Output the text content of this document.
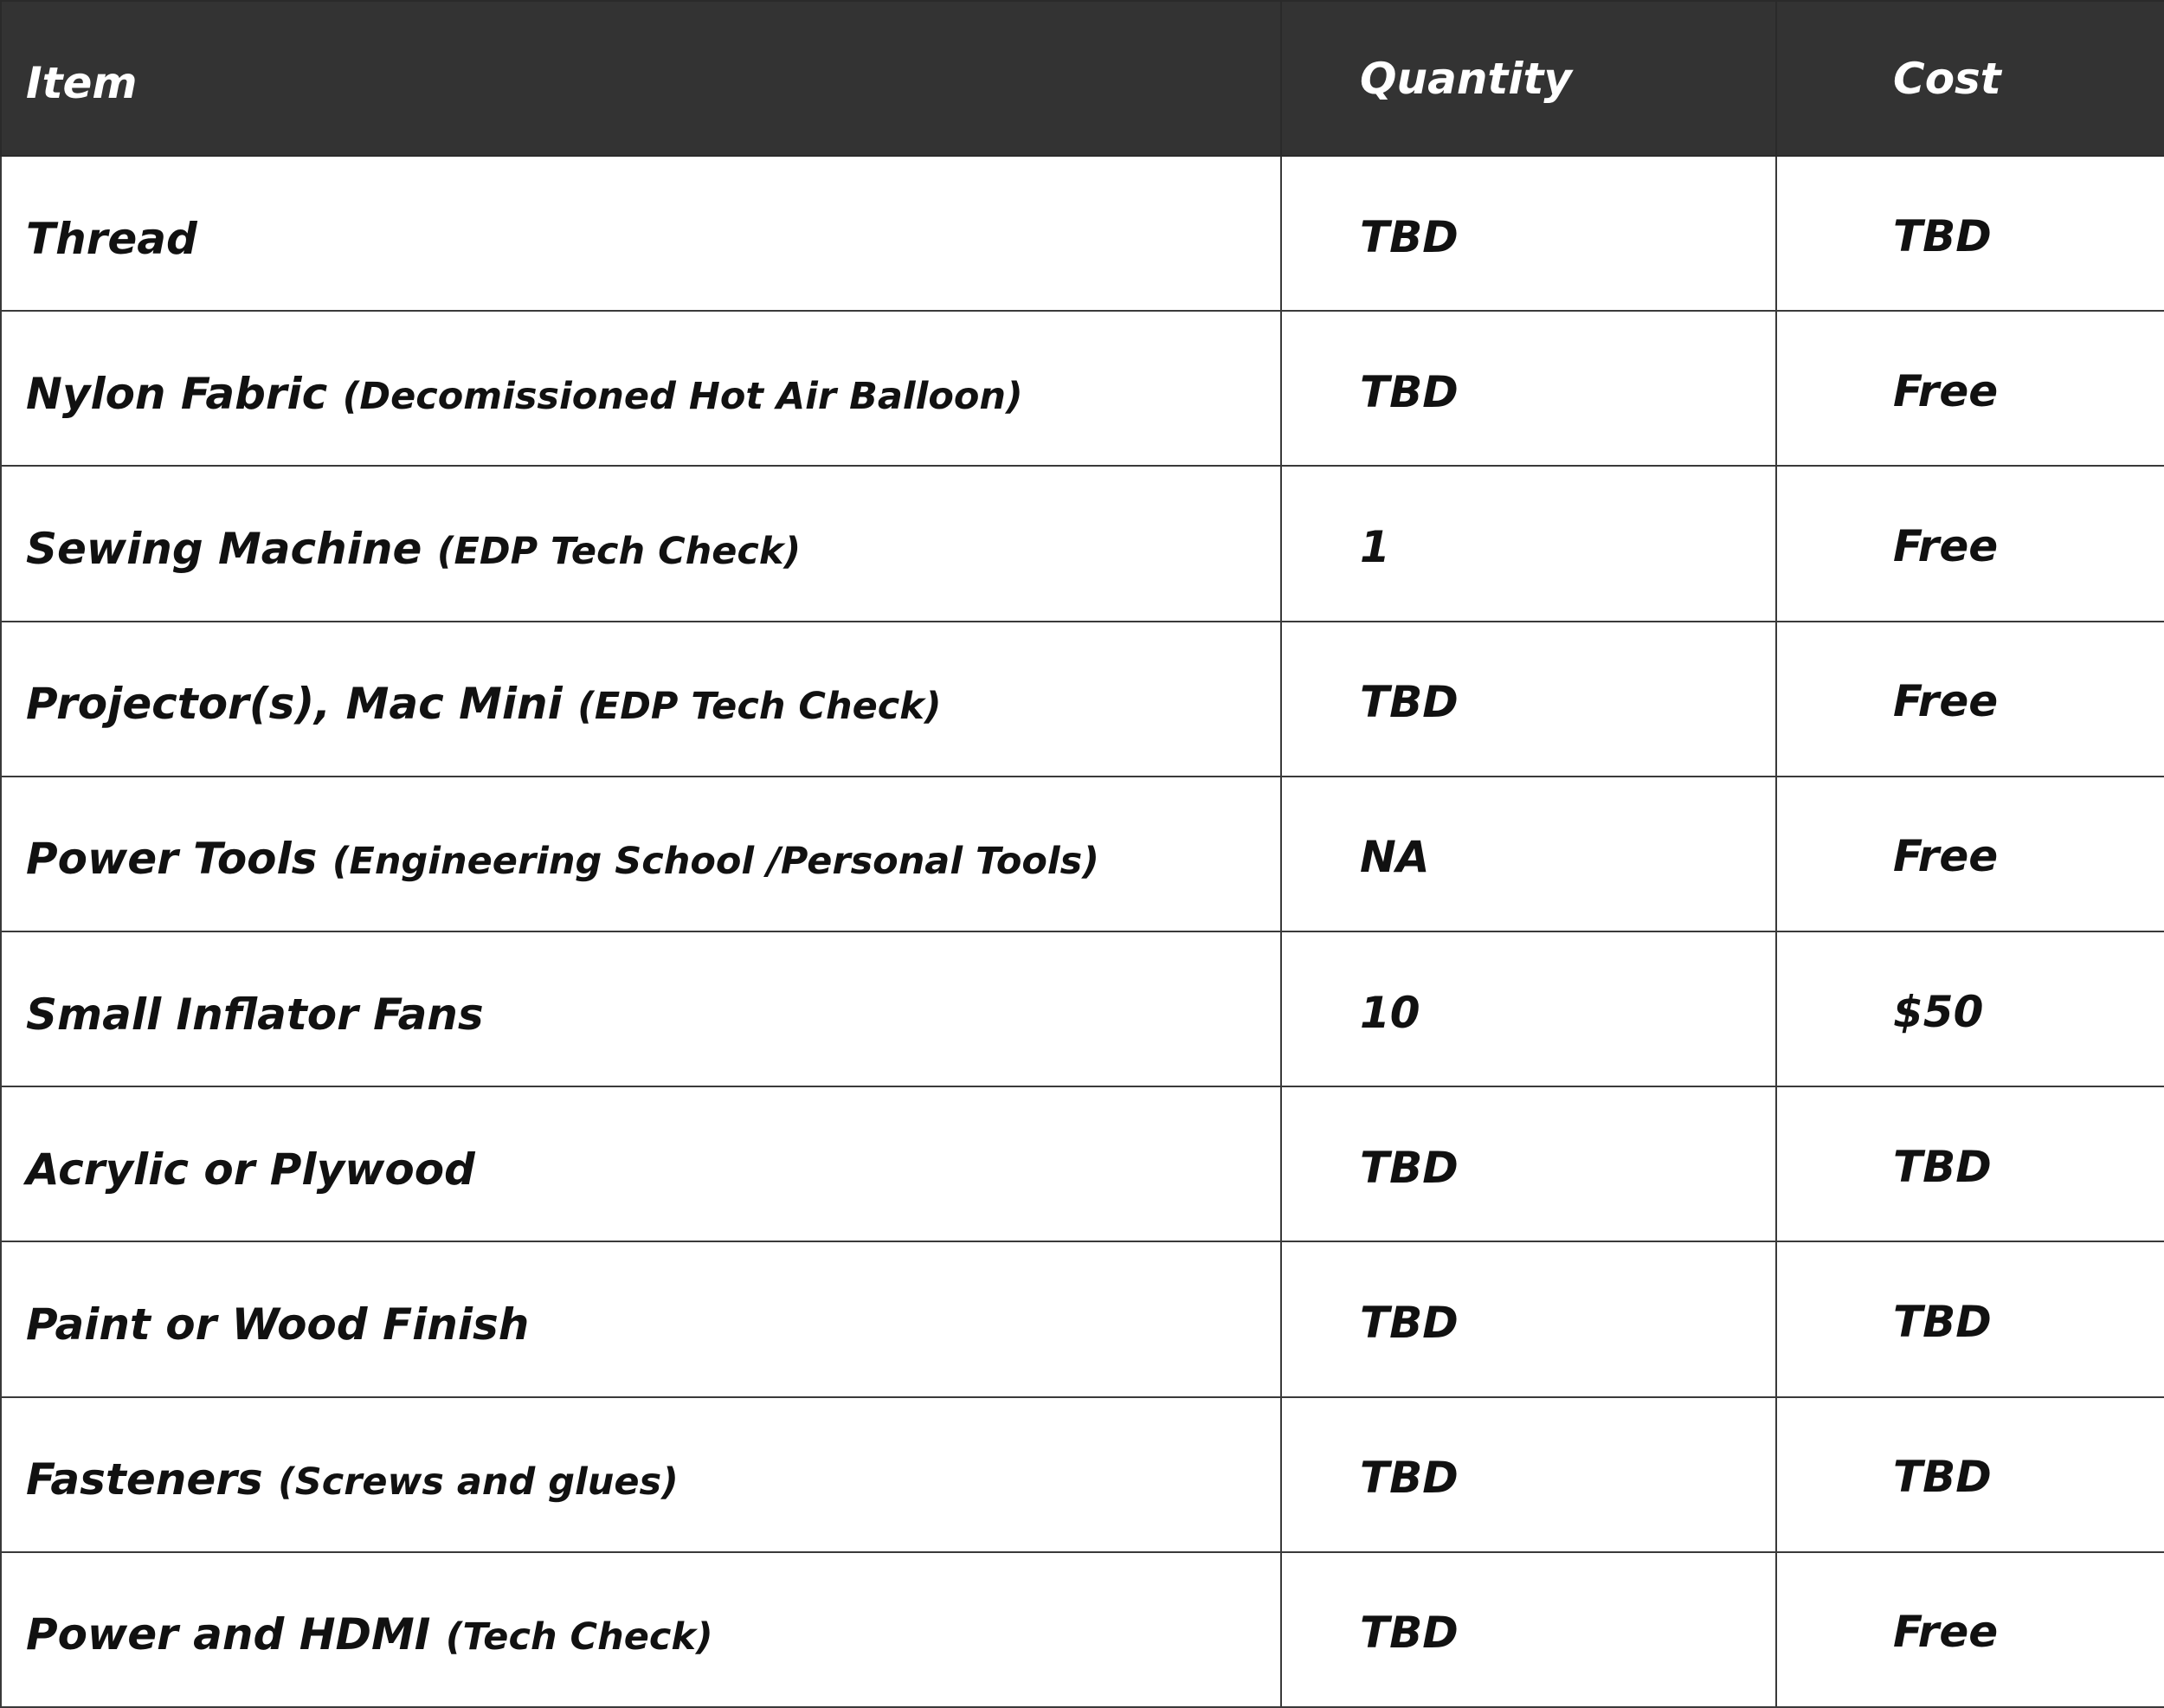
Item	Quantity	Cost
Thread	TBD	TBD
Nylon Fabric (Decomissioned Hot Air Balloon)	TBD	Free
Sewing Machine (EDP Tech Check)	1	Free
Projector(s), Mac Mini (EDP Tech Check)	TBD	Free
Power Tools (Engineering School /Personal Tools)	NA	Free
Small Inflator Fans	10	$50
Acrylic or Plywood	TBD	TBD
Paint or Wood Finish	TBD	TBD
Fasteners (Screws and glues)	TBD	TBD
Power and HDMI (Tech Check)	TBD	Free
